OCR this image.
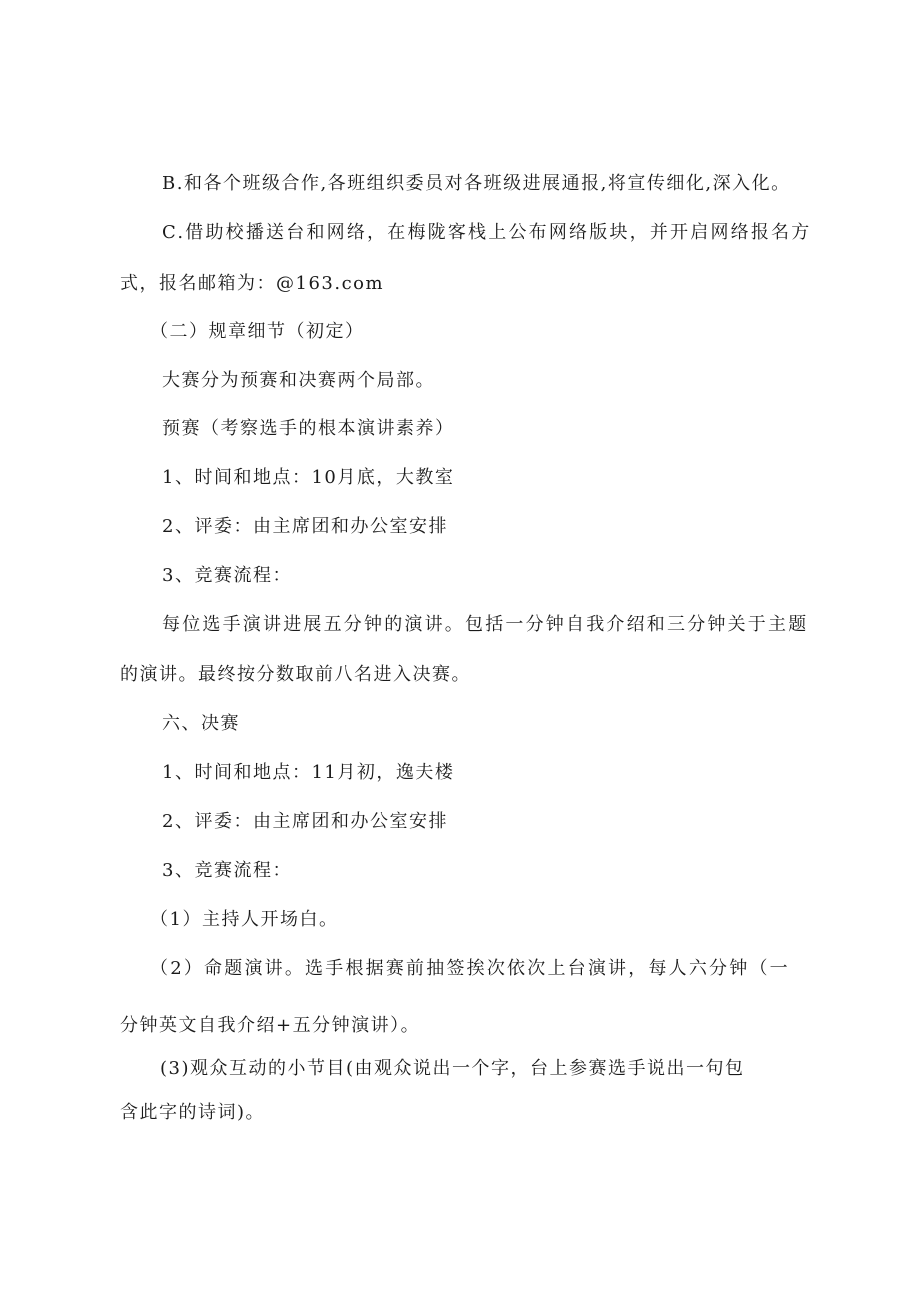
B.和各个班级合作,各班组织委员对各班级进展通报,将宣传细化,深入化。
C.借助校播送台和网络，在梅陇客栈上公布网络版块，并开启网络报名方
式，报名邮箱为：@163.com
（二）规章细节（初定）
大赛分为预赛和决赛两个局部。
预赛（考察选手的根本演讲素养）
1、时间和地点：10月底，大教室
2、评委：由主席团和办公室安排
3、竞赛流程：
每位选手演讲进展五分钟的演讲。包括一分钟自我介绍和三分钟关于主题
的演讲。最终按分数取前八名进入决赛。
六、决赛
1、时间和地点：11月初，逸夫楼
2、评委：由主席团和办公室安排
3、竞赛流程：
（1）主持人开场白。
（2）命题演讲。选手根据赛前抽签挨次依次上台演讲，每人六分钟（一
分钟英文自我介绍+五分钟演讲）。
(3)观众互动的小节目(由观众说出一个字，台上参赛选手说出一句包
含此字的诗词)。
